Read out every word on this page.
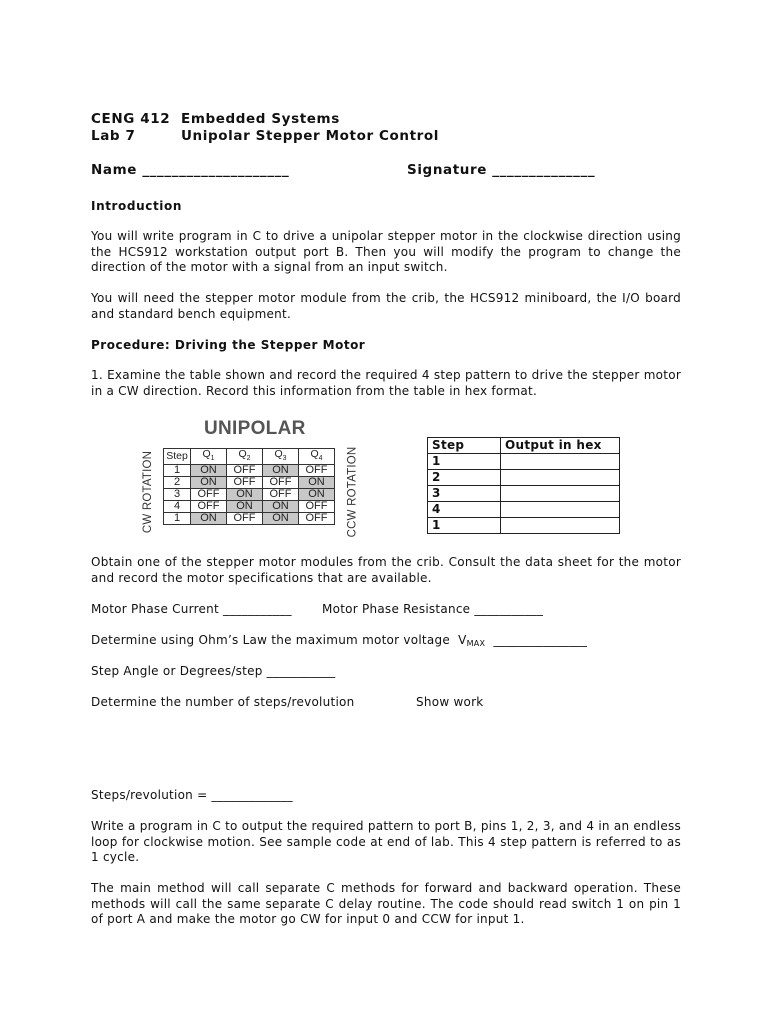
CENG 412 Embedded Systems
Lab 7	Unipolar Stepper Motor Control
Name ____________________	Signature ______________
Introduction

You will write program in C to drive a unipolar stepper motor in the clockwise direction using the HCS912 workstation output port B. Then you will modify the program to change the direction of the motor with a signal from an input switch.

You will need the stepper motor module from the crib, the HCS912 miniboard, the I/O board and standard bench equipment.

Procedure: Driving the Stepper Motor

1. Examine the table shown and record the required 4 step pattern to drive the stepper motor in a CW direction. Record this information from the table in hex format.

UNIPOLAR
CW ROTATION	CCW ROTATION
Step	$Q_1$	$Q_2$	$Q_3$	$Q_4$
1	ON	OFF	ON	OFF
2	ON	OFF	OFF	ON
3	OFF	ON	OFF	ON
4	OFF	ON	ON	OFF
1	ON	OFF	ON	OFF
Step	Output in hex
1	
2	
3	
4	
1	

Obtain one of the stepper motor modules from the crib. Consult the data sheet for the motor and record the motor specifications that are available.

Motor Phase Current ___________	Motor Phase Resistance ___________
Determine using Ohm’s Law the maximum motor voltage VMAX _______________
Step Angle or Degrees/step ___________
Determine the number of steps/revolution	Show work
Steps/revolution = _____________

Write a program in C to output the required pattern to port B, pins 1, 2, 3, and 4 in an endless loop for clockwise motion. See sample code at end of lab. This 4 step pattern is referred to as 1 cycle.

The main method will call separate C methods for forward and backward operation. These methods will call the same separate C delay routine. The code should read switch 1 on pin 1 of port A and make the motor go CW for input 0 and CCW for input 1.
